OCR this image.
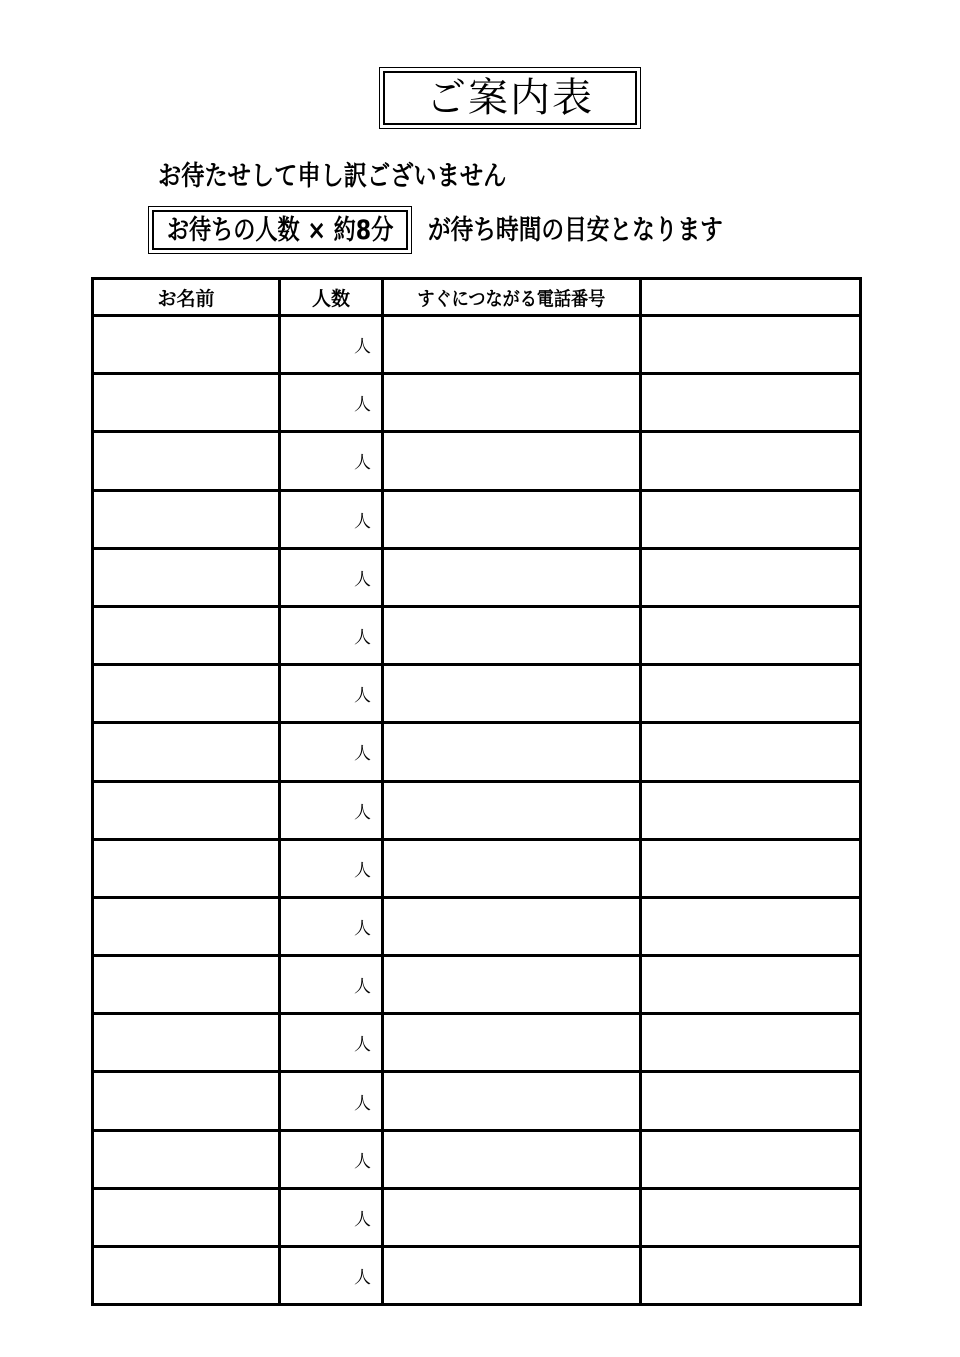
ご案内表
お待たせして申し訳ございません
お待ちの人数 × 約8分 が待ち時間の目安となります
お名前	人数	すぐにつながる電話番号	
	人		
	人		
	人		
	人		
	人		
	人		
	人		
	人		
	人		
	人		
	人		
	人		
	人		
	人		
	人		
	人		
	人		
